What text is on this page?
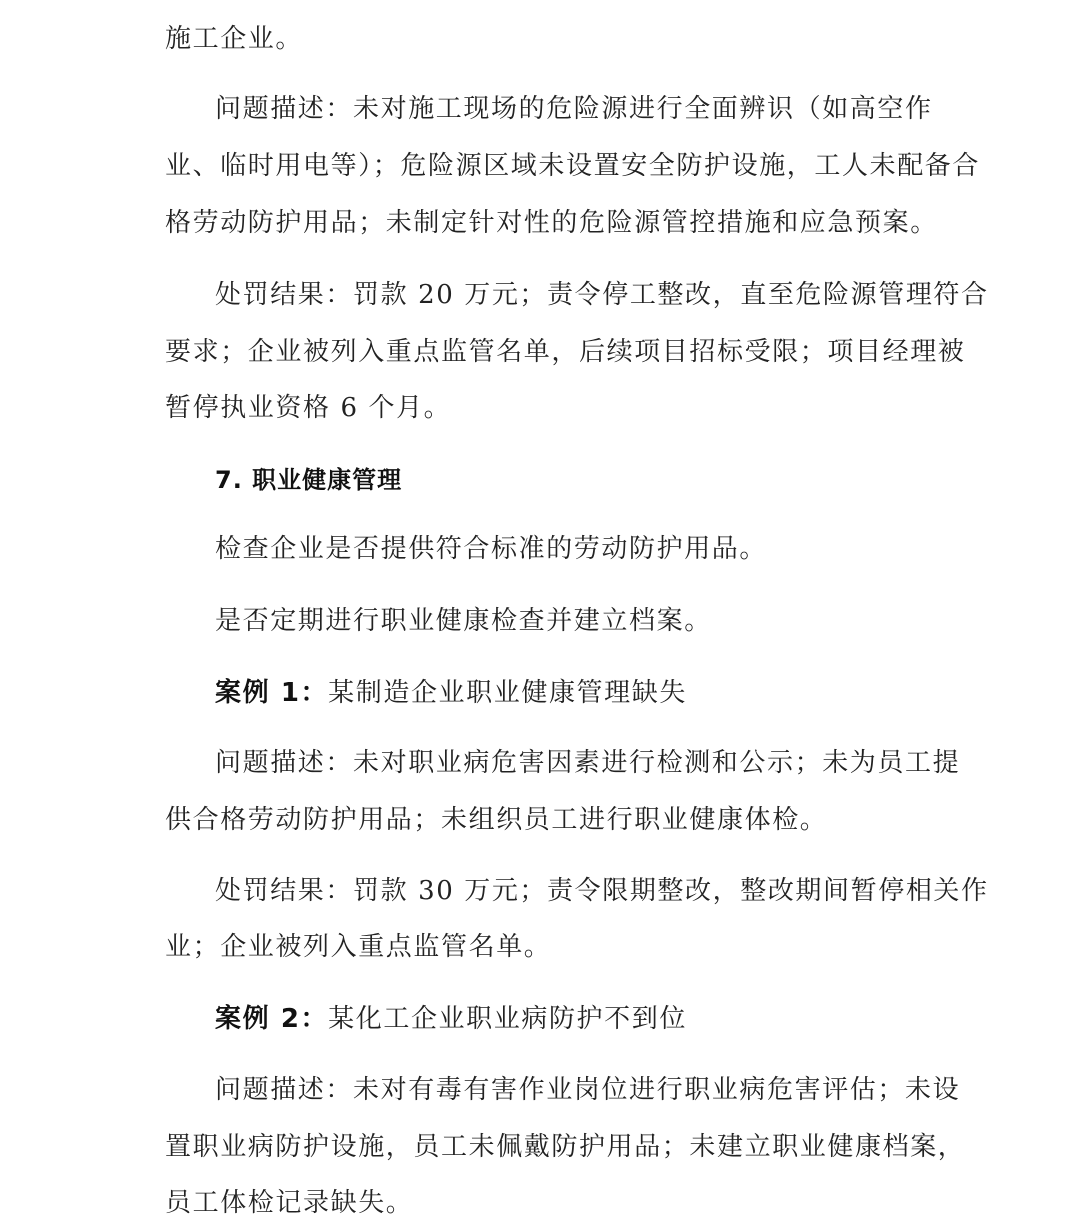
施工企业。
问题描述：未对施工现场的危险源进行全面辨识（如高空作
业、临时用电等）；危险源区域未设置安全防护设施，工人未配备合
格劳动防护用品；未制定针对性的危险源管控措施和应急预案。
处罚结果：罚款 20 万元；责令停工整改，直至危险源管理符合
要求；企业被列入重点监管名单，后续项目招标受限；项目经理被
暂停执业资格 6 个月。
7. 职业健康管理
检查企业是否提供符合标准的劳动防护用品。
是否定期进行职业健康检查并建立档案。
案例 1：某制造企业职业健康管理缺失
问题描述：未对职业病危害因素进行检测和公示；未为员工提
供合格劳动防护用品；未组织员工进行职业健康体检。
处罚结果：罚款 30 万元；责令限期整改，整改期间暂停相关作
业；企业被列入重点监管名单。
案例 2：某化工企业职业病防护不到位
问题描述：未对有毒有害作业岗位进行职业病危害评估；未设
置职业病防护设施，员工未佩戴防护用品；未建立职业健康档案，
员工体检记录缺失。
